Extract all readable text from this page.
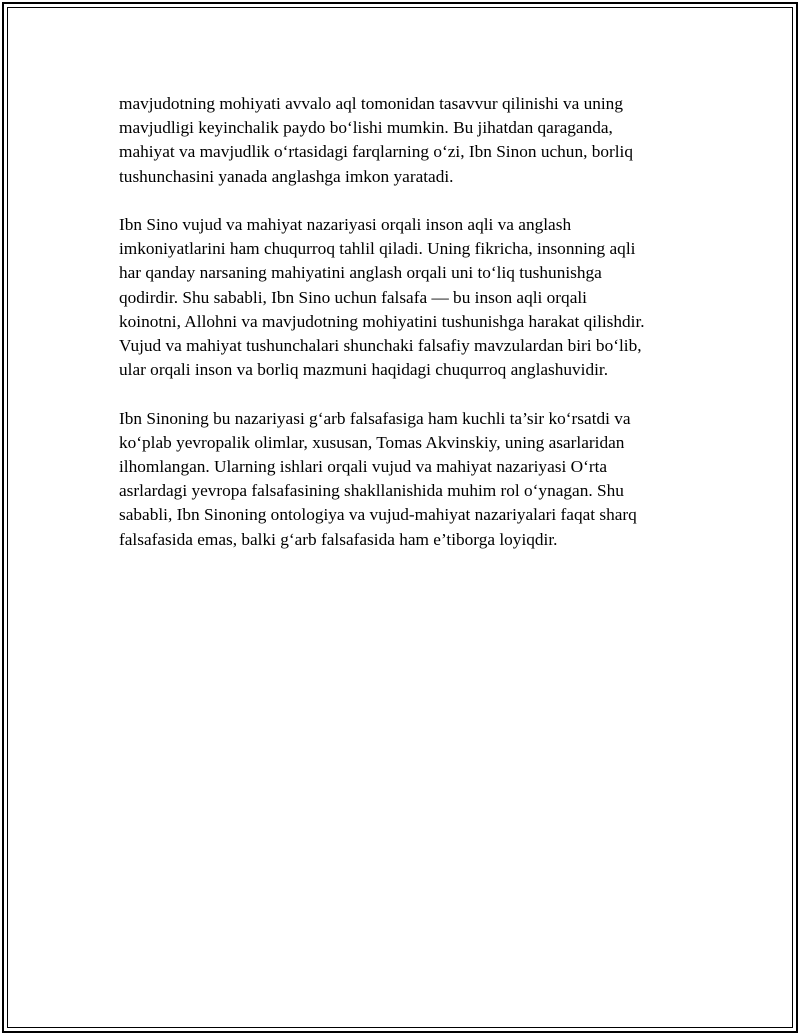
mavjudotning mohiyati avvalo aql tomonidan tasavvur qilinishi va uning
mavjudligi keyinchalik paydo bo‘lishi mumkin. Bu jihatdan qaraganda,
mahiyat va mavjudlik o‘rtasidagi farqlarning o‘zi, Ibn Sinon uchun, borliq
tushunchasini yanada anglashga imkon yaratadi.

Ibn Sino vujud va mahiyat nazariyasi orqali inson aqli va anglash
imkoniyatlarini ham chuqurroq tahlil qiladi. Uning fikricha, insonning aqli
har qanday narsaning mahiyatini anglash orqali uni to‘liq tushunishga
qodirdir. Shu sababli, Ibn Sino uchun falsafa — bu inson aqli orqali
koinotni, Allohni va mavjudotning mohiyatini tushunishga harakat qilishdir.
Vujud va mahiyat tushunchalari shunchaki falsafiy mavzulardan biri bo‘lib,
ular orqali inson va borliq mazmuni haqidagi chuqurroq anglashuvidir.

Ibn Sinoning bu nazariyasi g‘arb falsafasiga ham kuchli ta’sir ko‘rsatdi va
ko‘plab yevropalik olimlar, xususan, Tomas Akvinskiy, uning asarlaridan
ilhomlangan. Ularning ishlari orqali vujud va mahiyat nazariyasi O‘rta
asrlardagi yevropa falsafasining shakllanishida muhim rol o‘ynagan. Shu
sababli, Ibn Sinoning ontologiya va vujud-mahiyat nazariyalari faqat sharq
falsafasida emas, balki g‘arb falsafasida ham e’tiborga loyiqdir.
